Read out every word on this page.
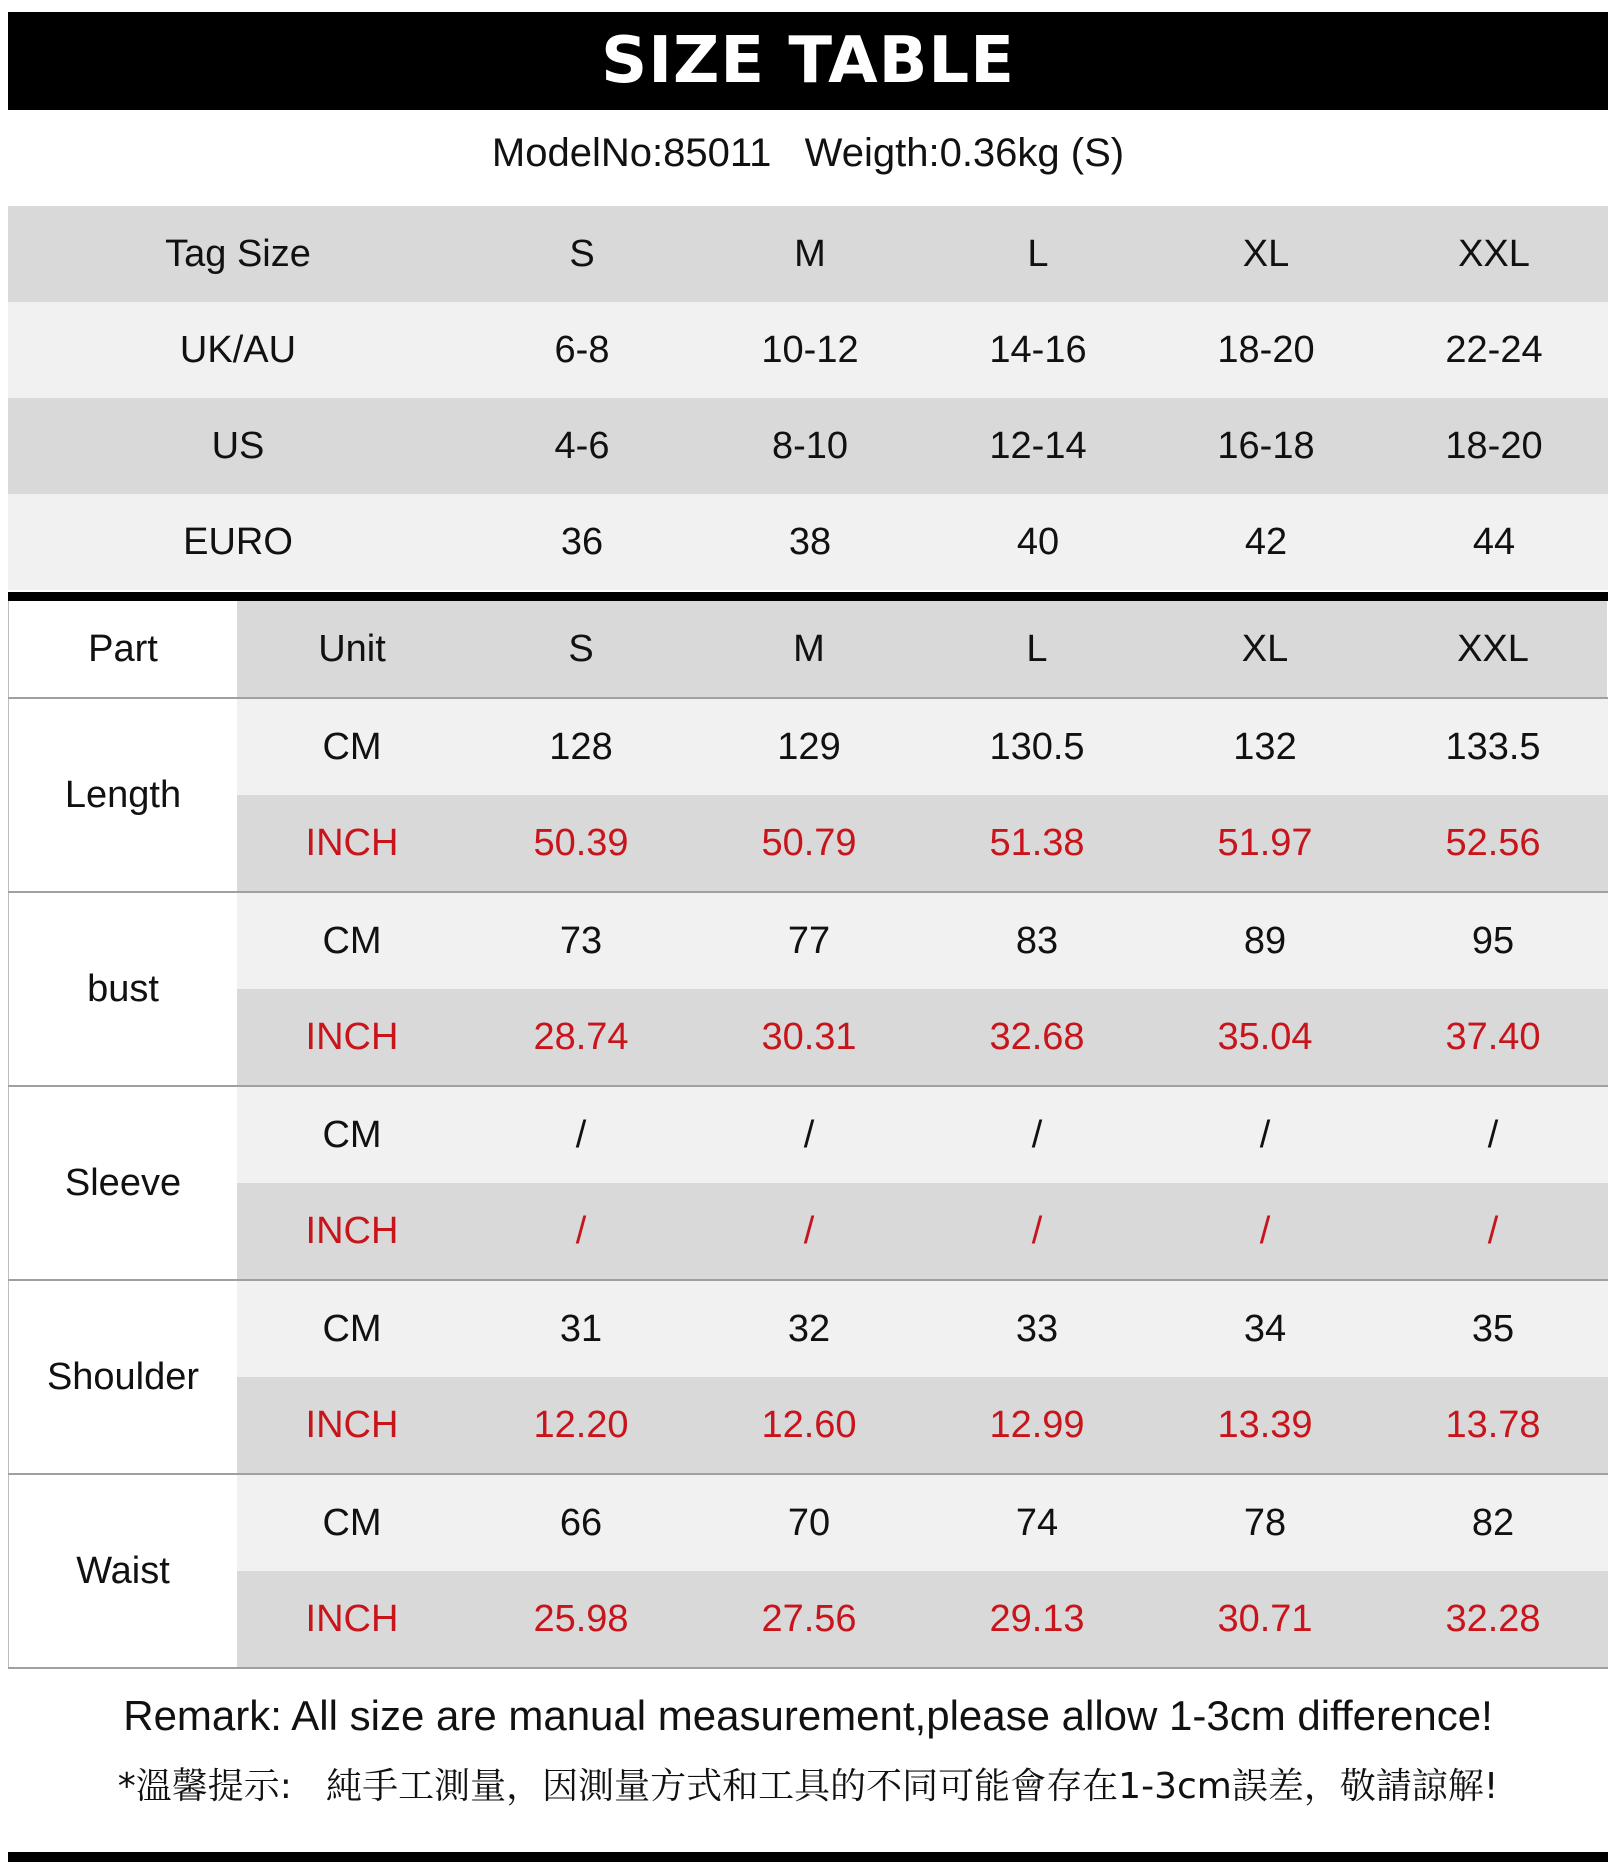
SIZE TABLE
ModelNo:85011   Weigth:0.36kg (S)
Tag Size	S	M	L	XL	XXL
UK/AU	6-8	10-12	14-16	18-20	22-24
US	4-6	8-10	12-14	16-18	18-20
EURO	36	38	40	42	44
Part	Unit	S	M	L	XL	XXL
Length
CM	128	129	130.5	132	133.5
INCH	50.39	50.79	51.38	51.97	52.56
bust
CM	73	77	83	89	95
INCH	28.74	30.31	32.68	35.04	37.40
Sleeve
CM	/	/	/	/	/
INCH	/	/	/	/	/
Shoulder
CM	31	32	33	34	35
INCH	12.20	12.60	12.99	13.39	13.78
Waist
CM	66	70	74	78	82
INCH	25.98	27.56	29.13	30.71	32.28
Remark: All size are manual measurement,please allow 1-3cm difference!
*溫馨提示:   純手工測量，因測量方式和工具的不同可能會存在1-3cm誤差，敬請諒解!
